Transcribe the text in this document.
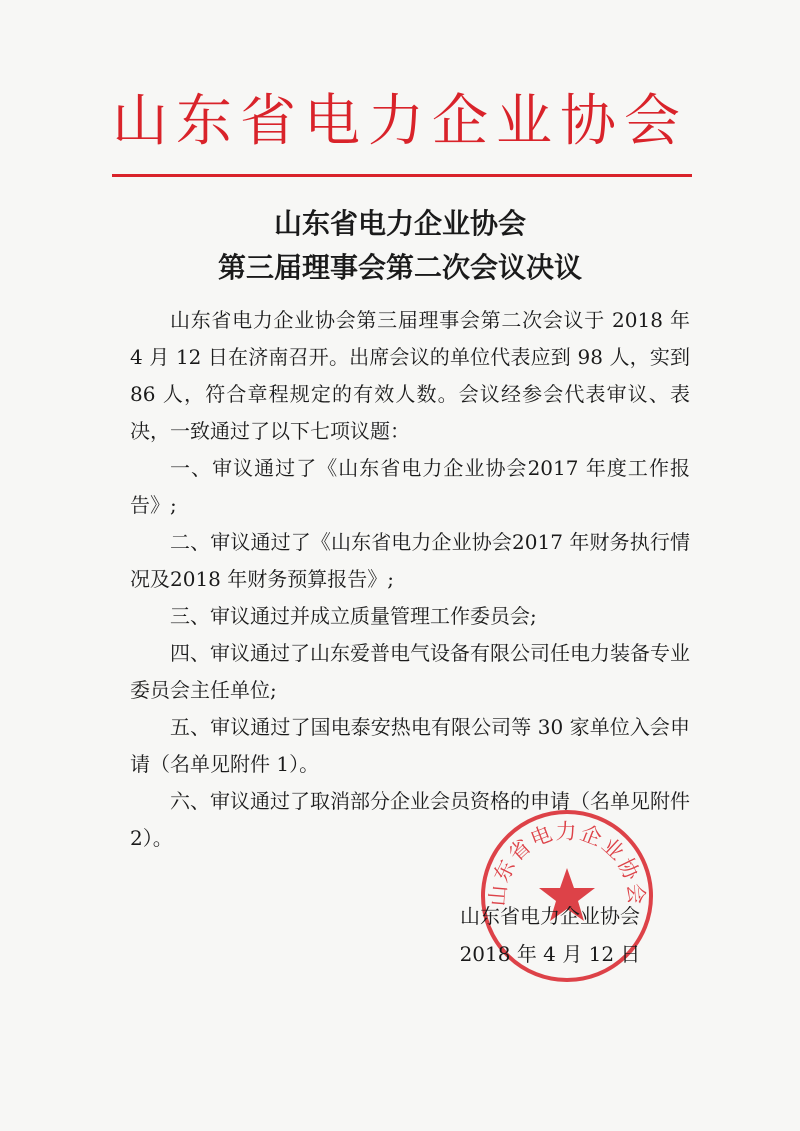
山东省电力企业协会
山东省电力企业协会
第三届理事会第二次会议决议

山东省电力企业协会第三届理事会第二次会议于 2018 年 4 月 12 日在济南召开。出席会议的单位代表应到 98 人，实到 86 人，符合章程规定的有效人数。会议经参会代表审议、表决，一致通过了以下七项议题：

一、审议通过了《山东省电力企业协会2017 年度工作报告》;

二、审议通过了《山东省电力企业协会2017 年财务执行情况及2018 年财务预算报告》;

三、审议通过并成立质量管理工作委员会;

四、审议通过了山东爱普电气设备有限公司任电力装备专业委员会主任单位;

五、审议通过了国电泰安热电有限公司等 30 家单位入会申请（名单见附件 1）。

六、审议通过了取消部分企业会员资格的申请（名单见附件 2）。

山东省电力企业协会
山东省电力企业协会
2018 年 4 月 12 日
